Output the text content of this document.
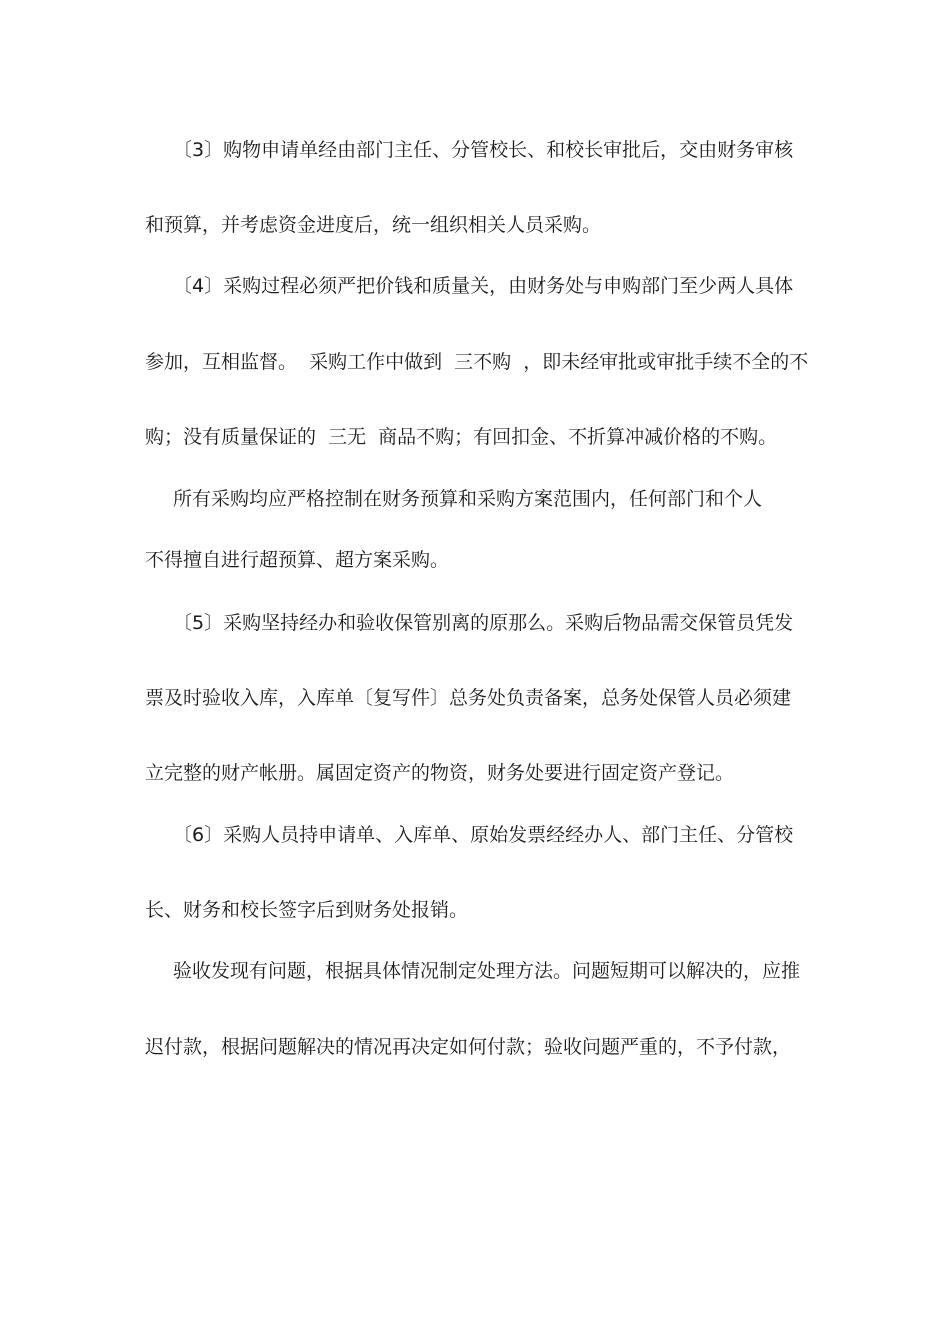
〔3〕购物申请单经由部门主任、分管校长、和校长审批后，交由财务审核
和预算，并考虑资金进度后，统一组织相关人员采购。
〔4〕采购过程必须严把价钱和质量关，由财务处与申购部门至少两人具体
参加，互相监督。  采购工作中做到  三不购  ，即未经审批或审批手续不全的不
购；没有质量保证的  三无  商品不购；有回扣金、不折算冲减价格的不购。
所有采购均应严格控制在财务预算和采购方案范围内，任何部门和个人
不得擅自进行超预算、超方案采购。
〔5〕采购坚持经办和验收保管别离的原那么。采购后物品需交保管员凭发
票及时验收入库，入库单〔复写件〕总务处负责备案，总务处保管人员必须建
立完整的财产帐册。属固定资产的物资，财务处要进行固定资产登记。
〔6〕采购人员持申请单、入库单、原始发票经经办人、部门主任、分管校
长、财务和校长签字后到财务处报销。
验收发现有问题，根据具体情况制定处理方法。问题短期可以解决的，应推
迟付款，根据问题解决的情况再决定如何付款；验收问题严重的，不予付款，
